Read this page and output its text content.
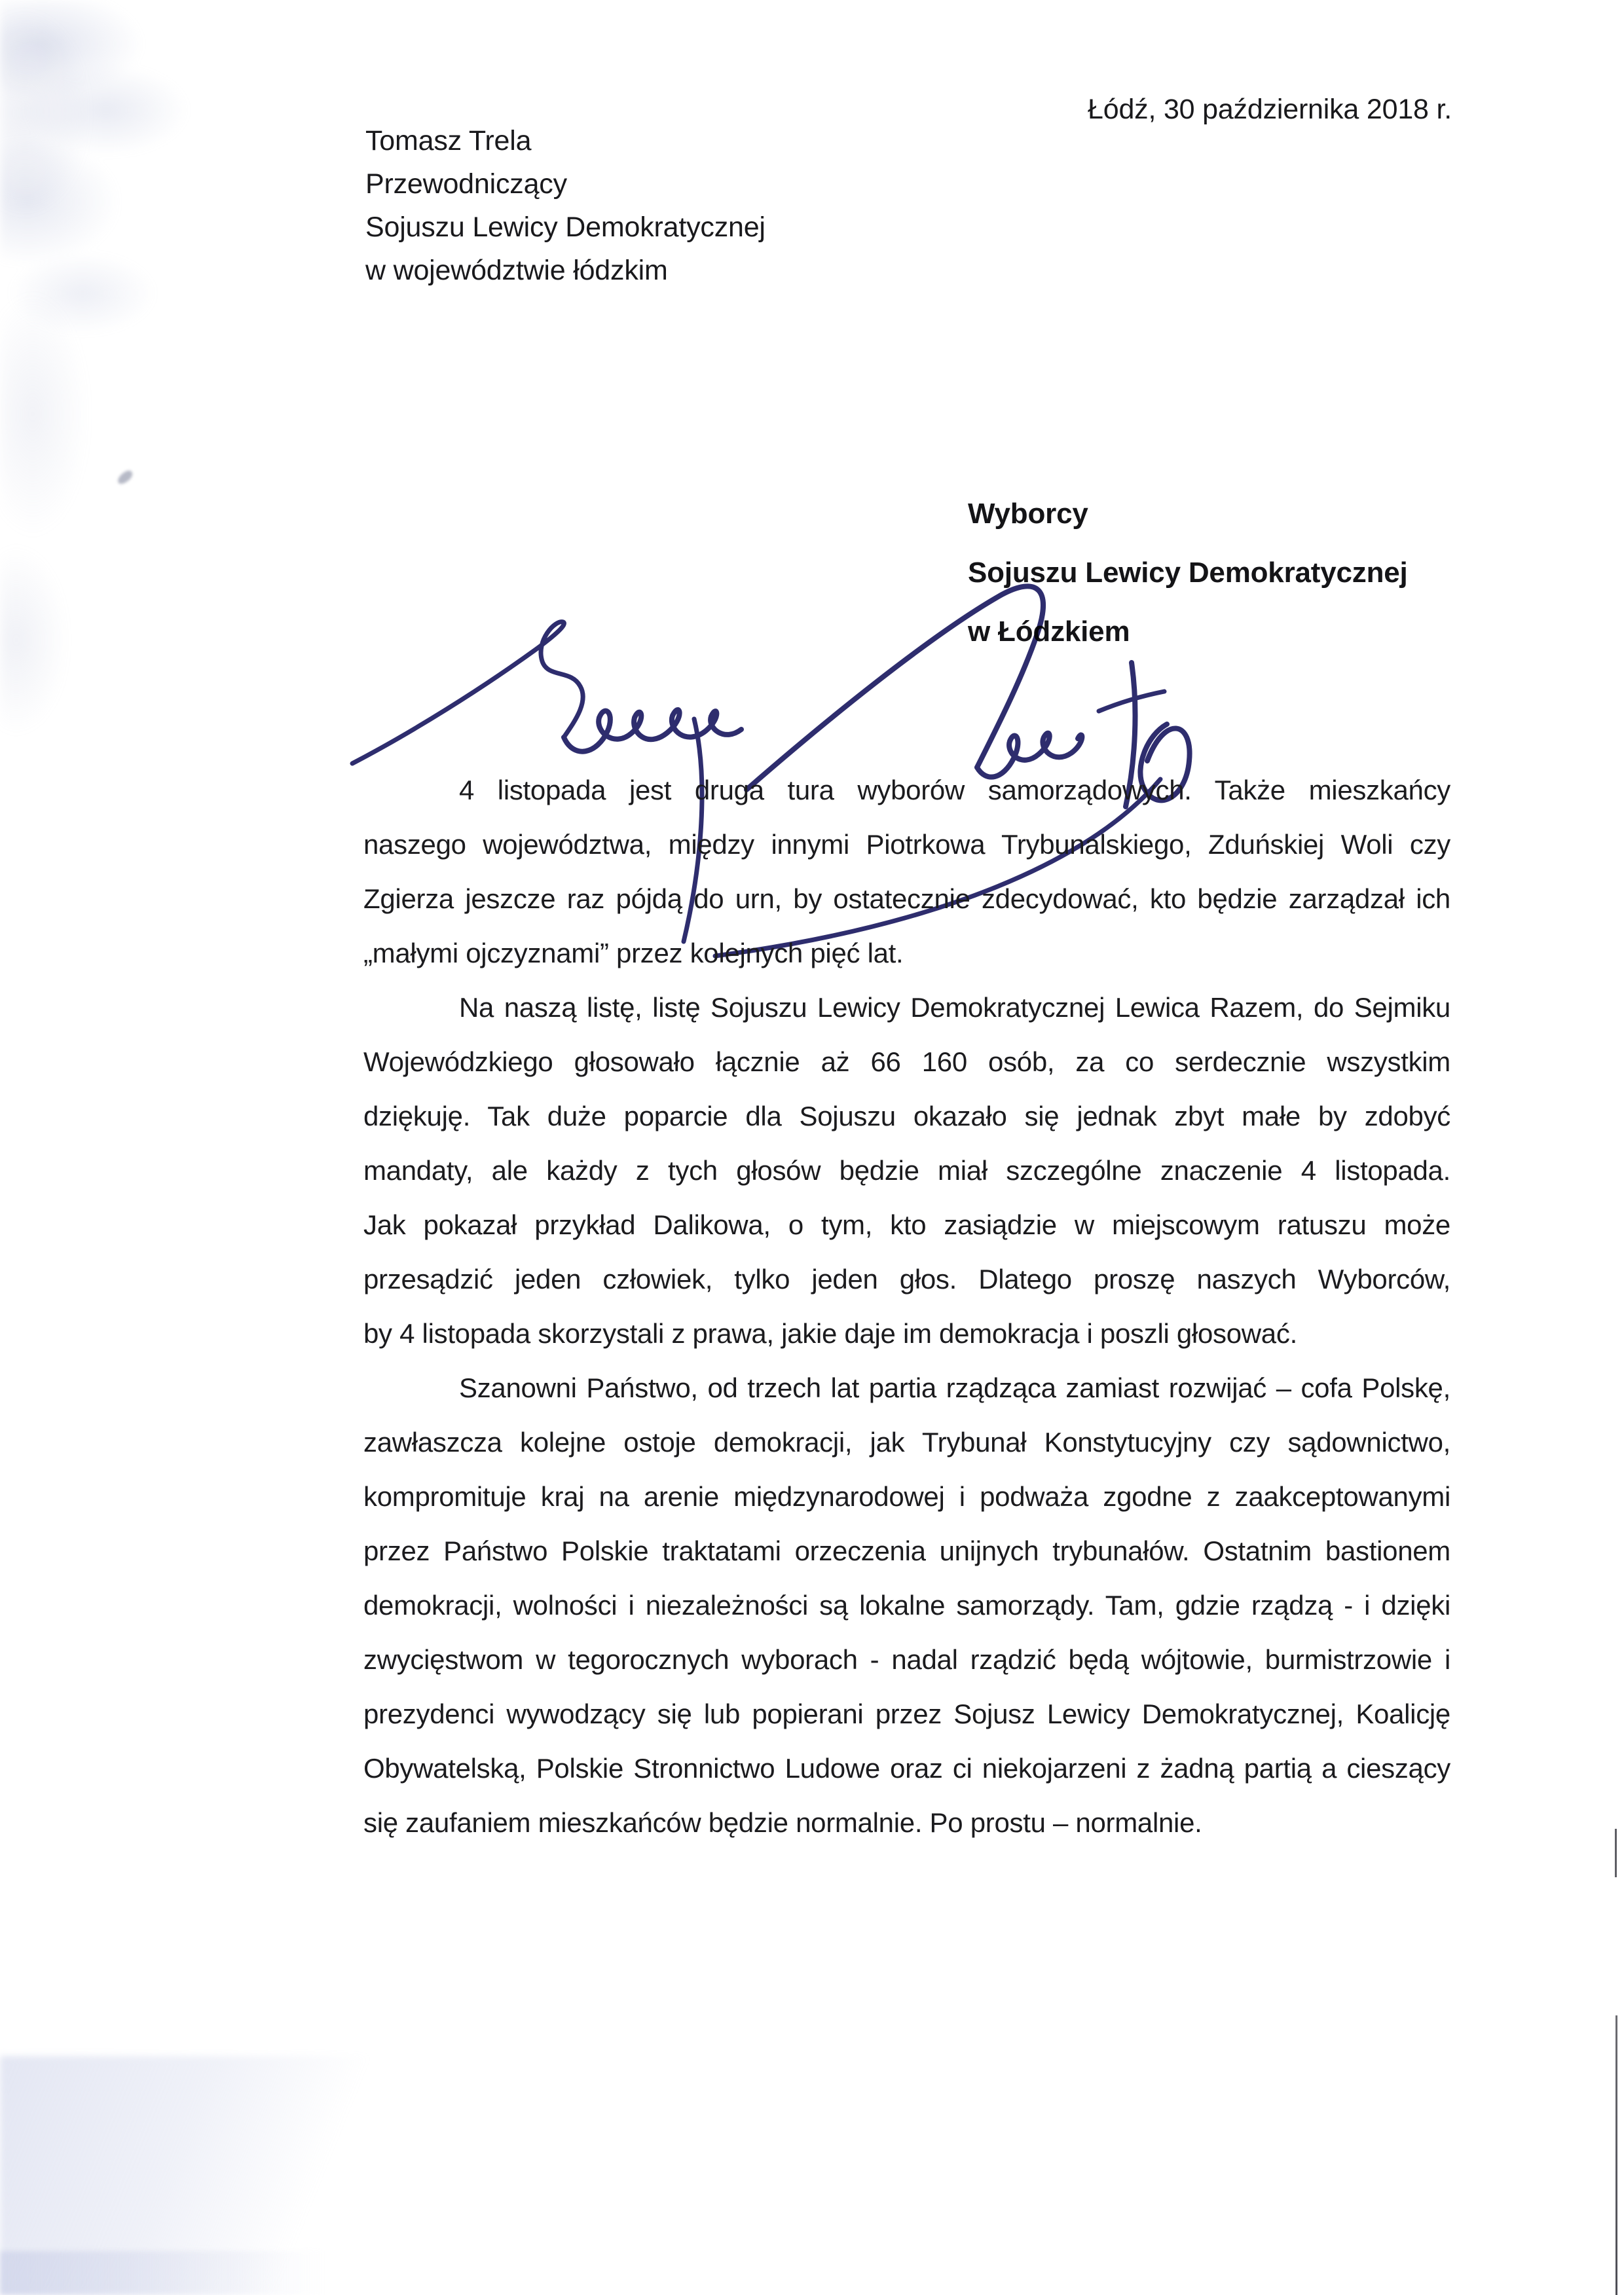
Łódź, 30 października 2018 r.
Tomasz Trela
Przewodniczący
Sojuszu Lewicy Demokratycznej
w województwie łódzkim
Wyborcy
Sojuszu Lewicy Demokratycznej
w Łódzkiem
4 listopada jest druga tura wyborów samorządowych. Także mieszkańcy
naszego województwa, między innymi Piotrkowa Trybunalskiego, Zduńskiej Woli czy
Zgierza jeszcze raz pójdą do urn, by ostatecznie zdecydować, kto będzie zarządzał ich
„małymi ojczyznami” przez kolejnych pięć lat.
Na naszą listę, listę Sojuszu Lewicy Demokratycznej Lewica Razem, do Sejmiku
Wojewódzkiego głosowało łącznie aż 66 160 osób, za co serdecznie wszystkim
dziękuję. Tak duże poparcie dla Sojuszu okazało się jednak zbyt małe by zdobyć
mandaty, ale każdy z tych głosów będzie miał szczególne znaczenie 4 listopada.
Jak pokazał przykład Dalikowa, o tym, kto zasiądzie w miejscowym ratuszu może
przesądzić jeden człowiek, tylko jeden głos. Dlatego proszę naszych Wyborców,
by 4 listopada skorzystali z prawa, jakie daje im demokracja i poszli głosować.
Szanowni Państwo, od trzech lat partia rządząca zamiast rozwijać – cofa Polskę,
zawłaszcza kolejne ostoje demokracji, jak Trybunał Konstytucyjny czy sądownictwo,
kompromituje kraj na arenie międzynarodowej i podważa zgodne z zaakceptowanymi
przez Państwo Polskie traktatami orzeczenia unijnych trybunałów. Ostatnim bastionem
demokracji, wolności i niezależności są lokalne samorządy. Tam, gdzie rządzą - i dzięki
zwycięstwom w tegorocznych wyborach - nadal rządzić będą wójtowie, burmistrzowie i
prezydenci wywodzący się lub popierani przez Sojusz Lewicy Demokratycznej, Koalicję
Obywatelską, Polskie Stronnictwo Ludowe oraz ci niekojarzeni z żadną partią a cieszący
się zaufaniem mieszkańców będzie normalnie. Po prostu – normalnie.
